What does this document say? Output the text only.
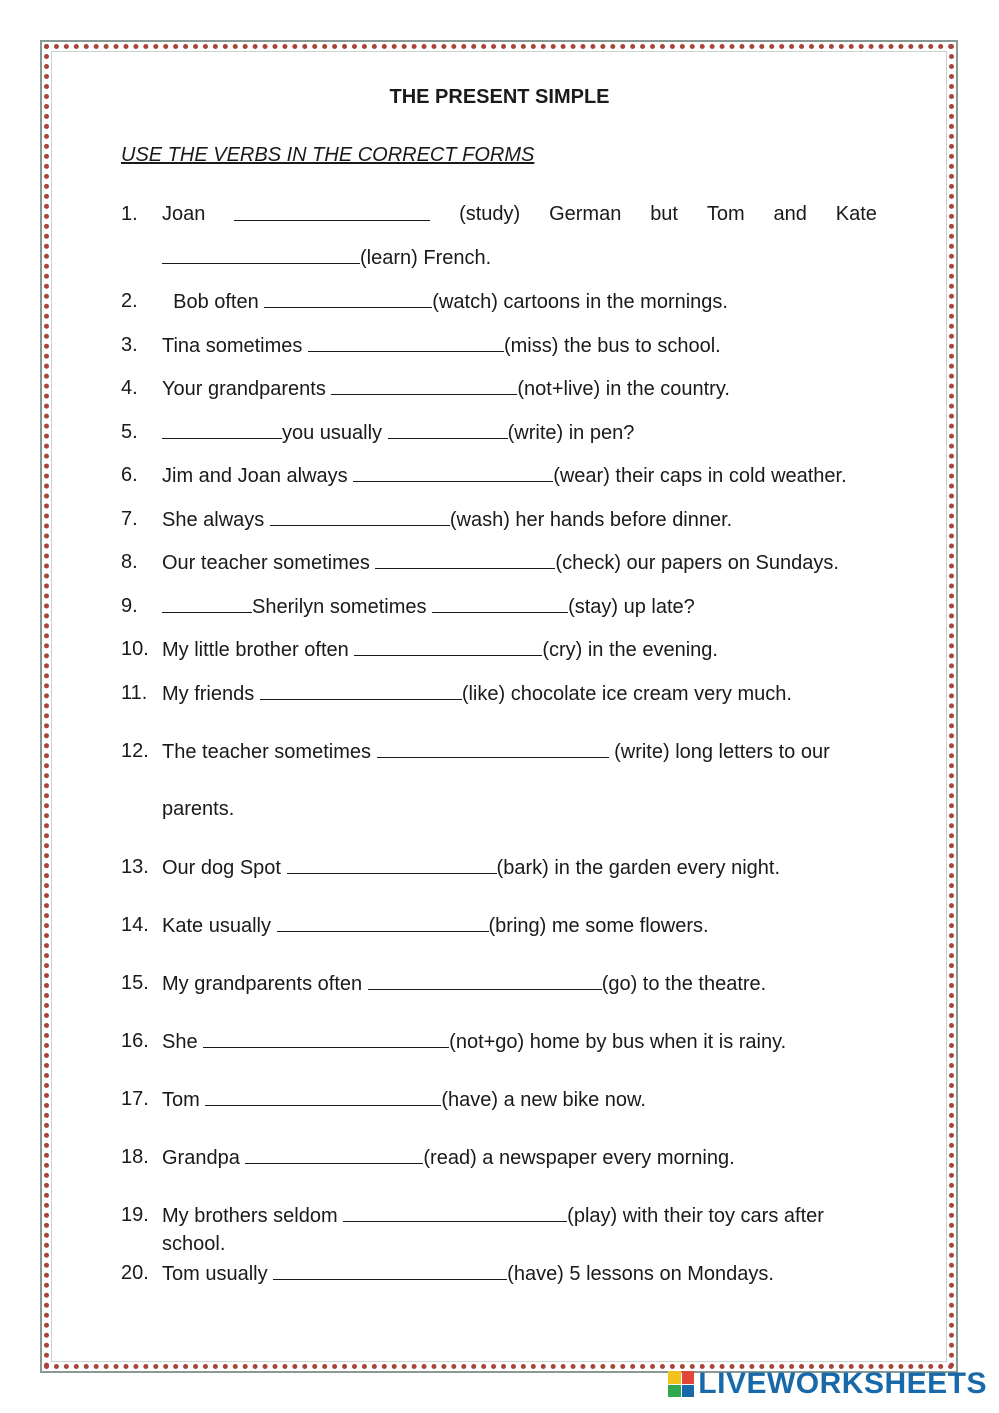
THE PRESENT SIMPLE
USE THE VERBS IN THE CORRECT FORMS
1.	Joan	(study) German but Tom and Kate
(learn) French.
2.	Bob often	(watch) cartoons in the mornings.
3.	Tina sometimes	(miss) the bus to school.
4.	Your grandparents	(not+live) in the country.
5.	you usually	(write) in pen?
6.	Jim and Joan always	(wear) their caps in cold weather.
7.	She always	(wash) her hands before dinner.
8.	Our teacher sometimes	(check) our papers on Sundays.
9.	Sherilyn sometimes	(stay) up late?
10. My little brother often	(cry) in the evening.
11. My friends	(like) chocolate ice cream very much.
12. The teacher sometimes	(write) long letters to our
parents.
13. Our dog Spot	(bark) in the garden every night.
14. Kate usually	(bring) me some flowers.
15. My grandparents often	(go) to the theatre.
16. She	(not+go) home by bus when it is rainy.
17. Tom	(have) a new bike now.
18. Grandpa	(read) a newspaper every morning.
19. My brothers seldom	(play) with their toy cars after
school.
20. Tom usually	(have) 5 lessons on Mondays.
LIVEWORKSHEETS
